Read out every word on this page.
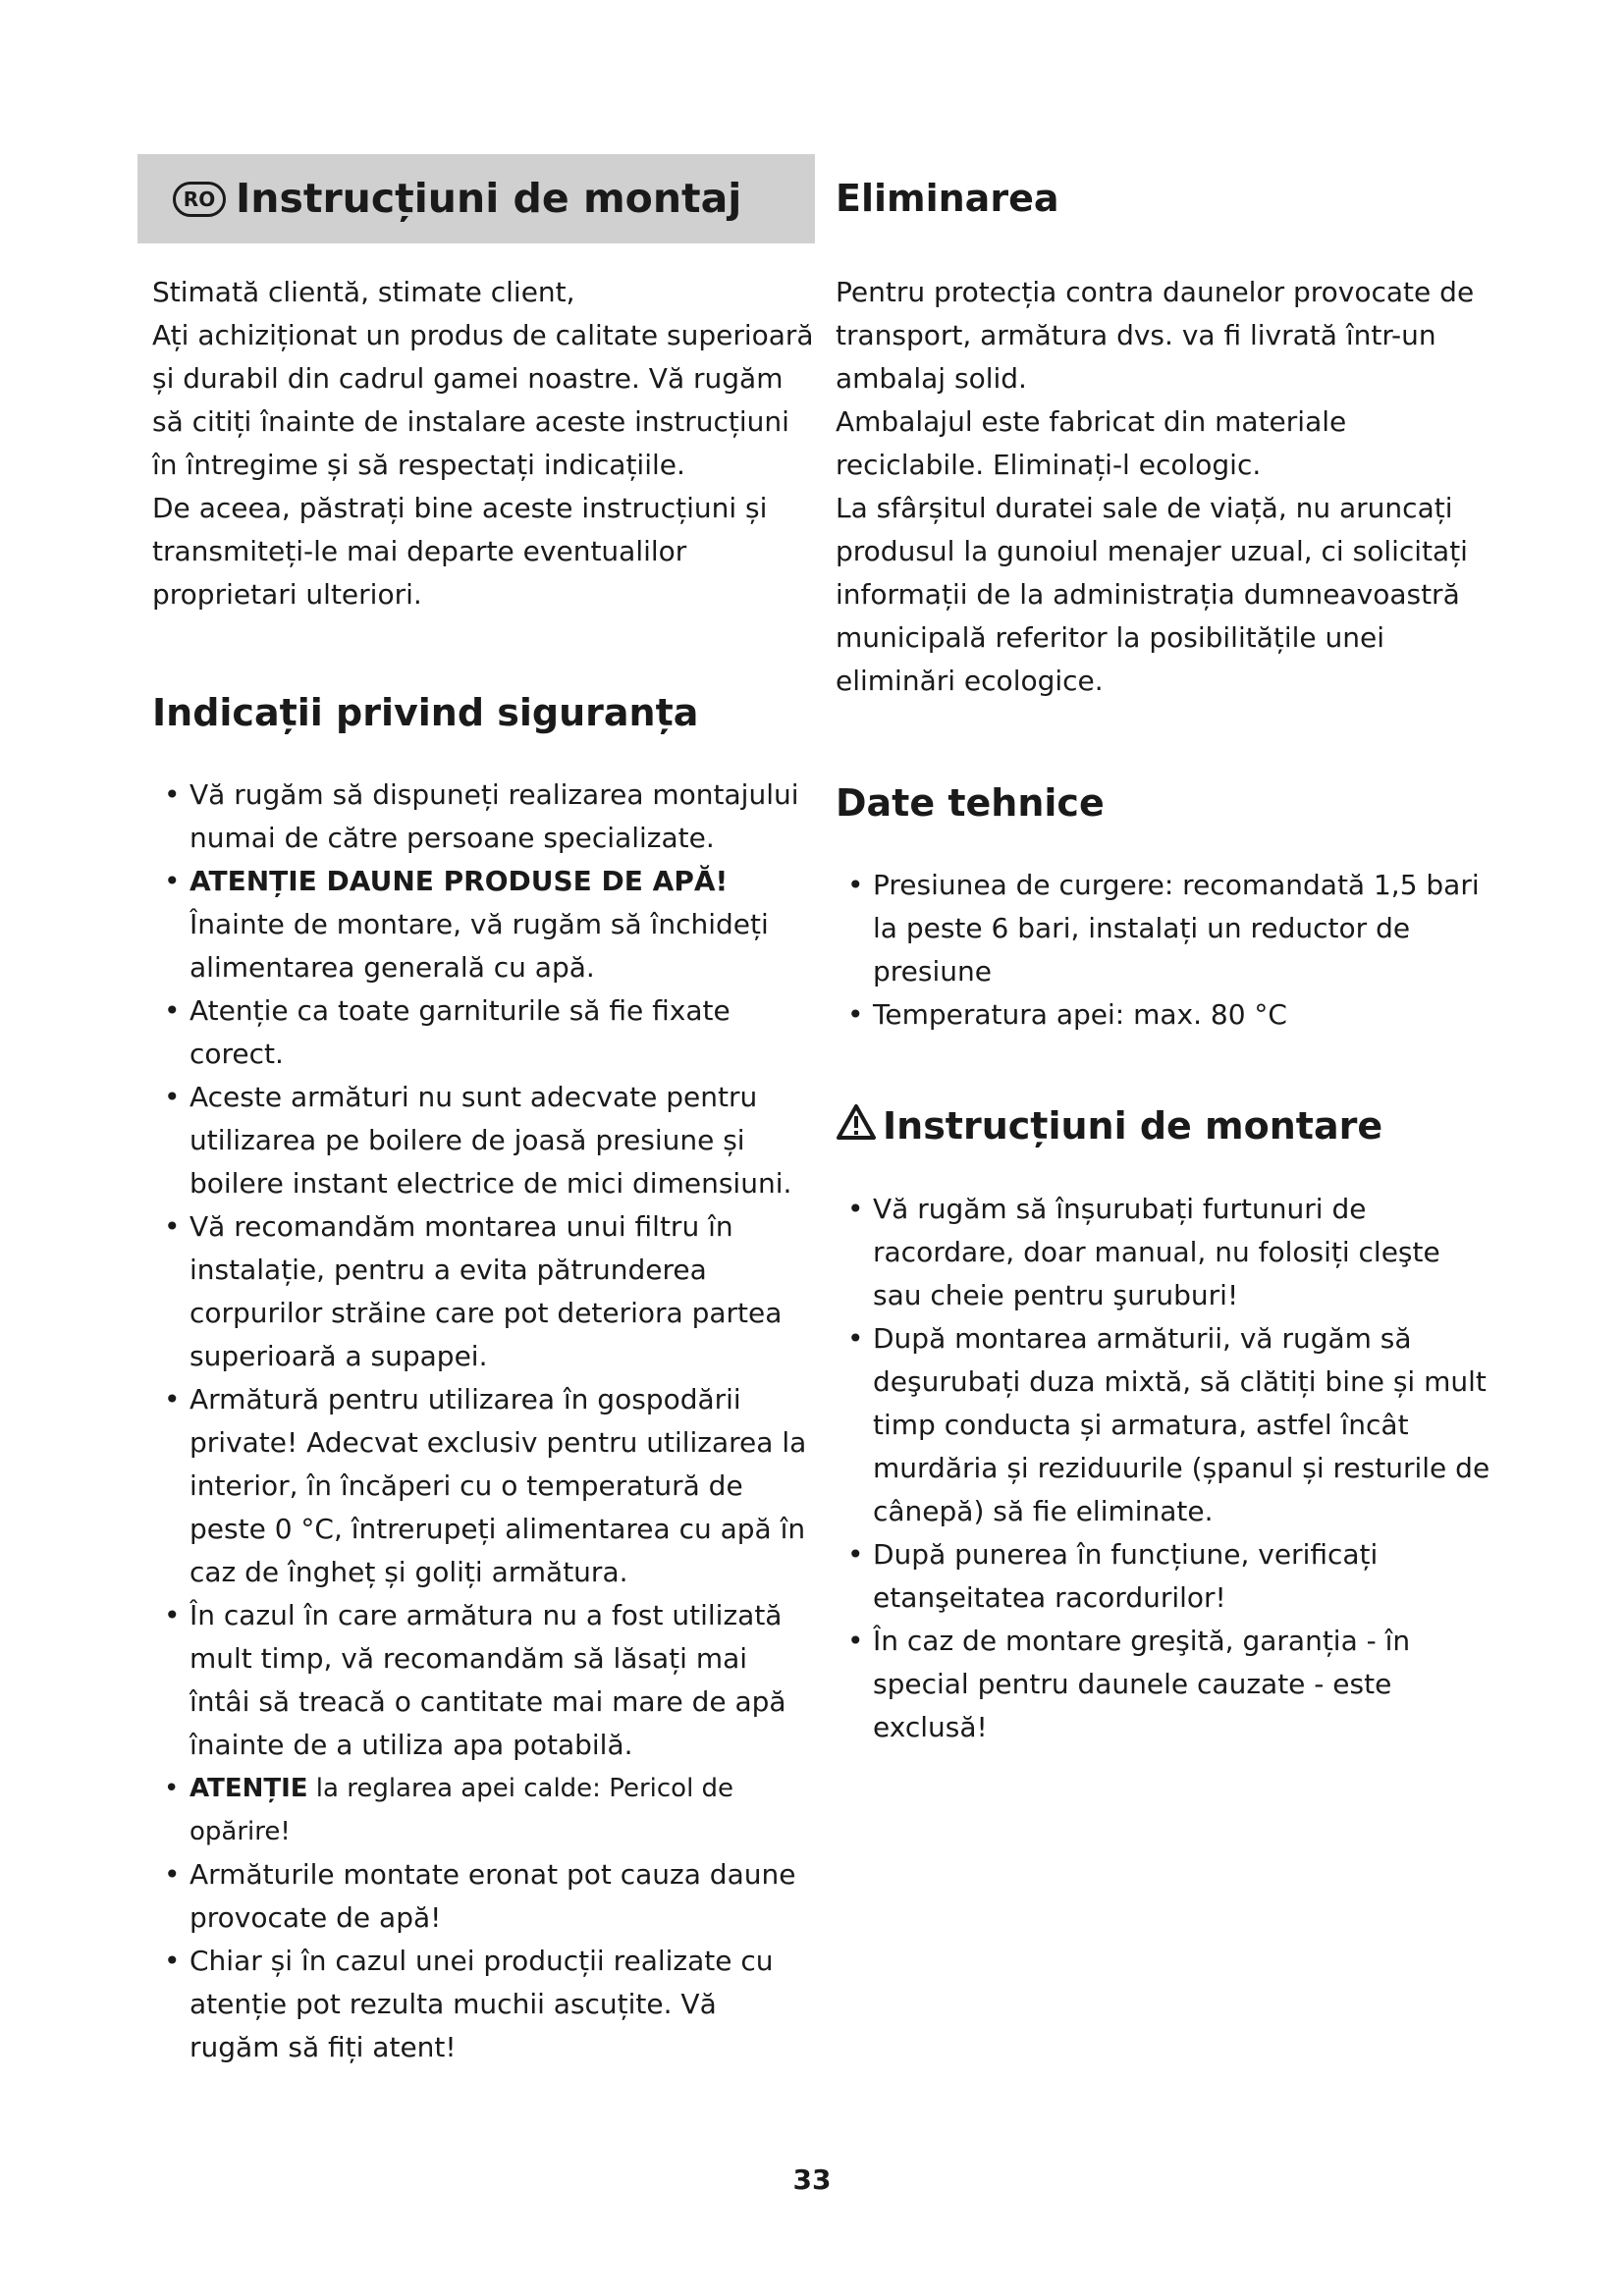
RO Instrucțiuni de montaj

Stimată clientă, stimate client,

Ați achiziționat un produs de calitate superioară și durabil din cadrul gamei noastre. Vă rugăm să citiți înainte de instalare aceste instrucțiuni în întregime și să respectați indicațiile.

De aceea, păstrați bine aceste instrucțiuni și transmiteți-le mai departe eventualilor proprietari ulteriori.

Indicații privind siguranța
• Vă rugăm să dispuneți realizarea montajului numai de către persoane specializate.
• ATENȚIE DAUNE PRODUSE DE APĂ!
Înainte de montare, vă rugăm să închideți alimentarea generală cu apă.
• Atenție ca toate garniturile să fie fixate corect.
• Aceste armături nu sunt adecvate pentru utilizarea pe boilere de joasă presiune și boilere instant electrice de mici dimensiuni.
• Vă recomandăm montarea unui filtru în instalație, pentru a evita pătrunderea corpurilor străine care pot deteriora partea superioară a supapei.
• Armătură pentru utilizarea în gospodării private! Adecvat exclusiv pentru utilizarea la interior, în încăperi cu o temperatură de peste 0 °C, întrerupeți alimentarea cu apă în caz de îngheț și goliți armătura.
• În cazul în care armătura nu a fost utilizată mult timp, vă recomandăm să lăsați mai întâi să treacă o cantitate mai mare de apă înainte de a utiliza apa potabilă.
• ATENȚIE la reglarea apei calde: Pericol de opărire!
• Armăturile montate eronat pot cauza daune provocate de apă!
• Chiar și în cazul unei producții realizate cu atenție pot rezulta muchii ascuțite. Vă rugăm să fiți atent!
Eliminarea

Pentru protecția contra daunelor provocate de transport, armătura dvs. va fi livrată într-un ambalaj solid.

Ambalajul este fabricat din materiale reciclabile. Eliminați-l ecologic.

La sfârșitul duratei sale de viață, nu aruncați produsul la gunoiul menajer uzual, ci solicitați informații de la administrația dumneavoastră municipală referitor la posibilitățile unei eliminări ecologice.

Date tehnice
• Presiunea de curgere: recomandată 1,5 bari la peste 6 bari, instalați un reductor de presiune
• Temperatura apei: max. 80 °C
Instrucțiuni de montare
• Vă rugăm să înșurubați furtunuri de racordare, doar manual, nu folosiți cleşte sau cheie pentru şuruburi!
• După montarea armăturii, vă rugăm să deşurubați duza mixtă, să clătiți bine și mult timp conducta și armatura, astfel încât murdăria și reziduurile (șpanul și resturile de cânepă) să fie eliminate.
• După punerea în funcțiune, verificați etanşeitatea racordurilor!
• În caz de montare greşită, garanția - în special pentru daunele cauzate - este exclusă!
33
